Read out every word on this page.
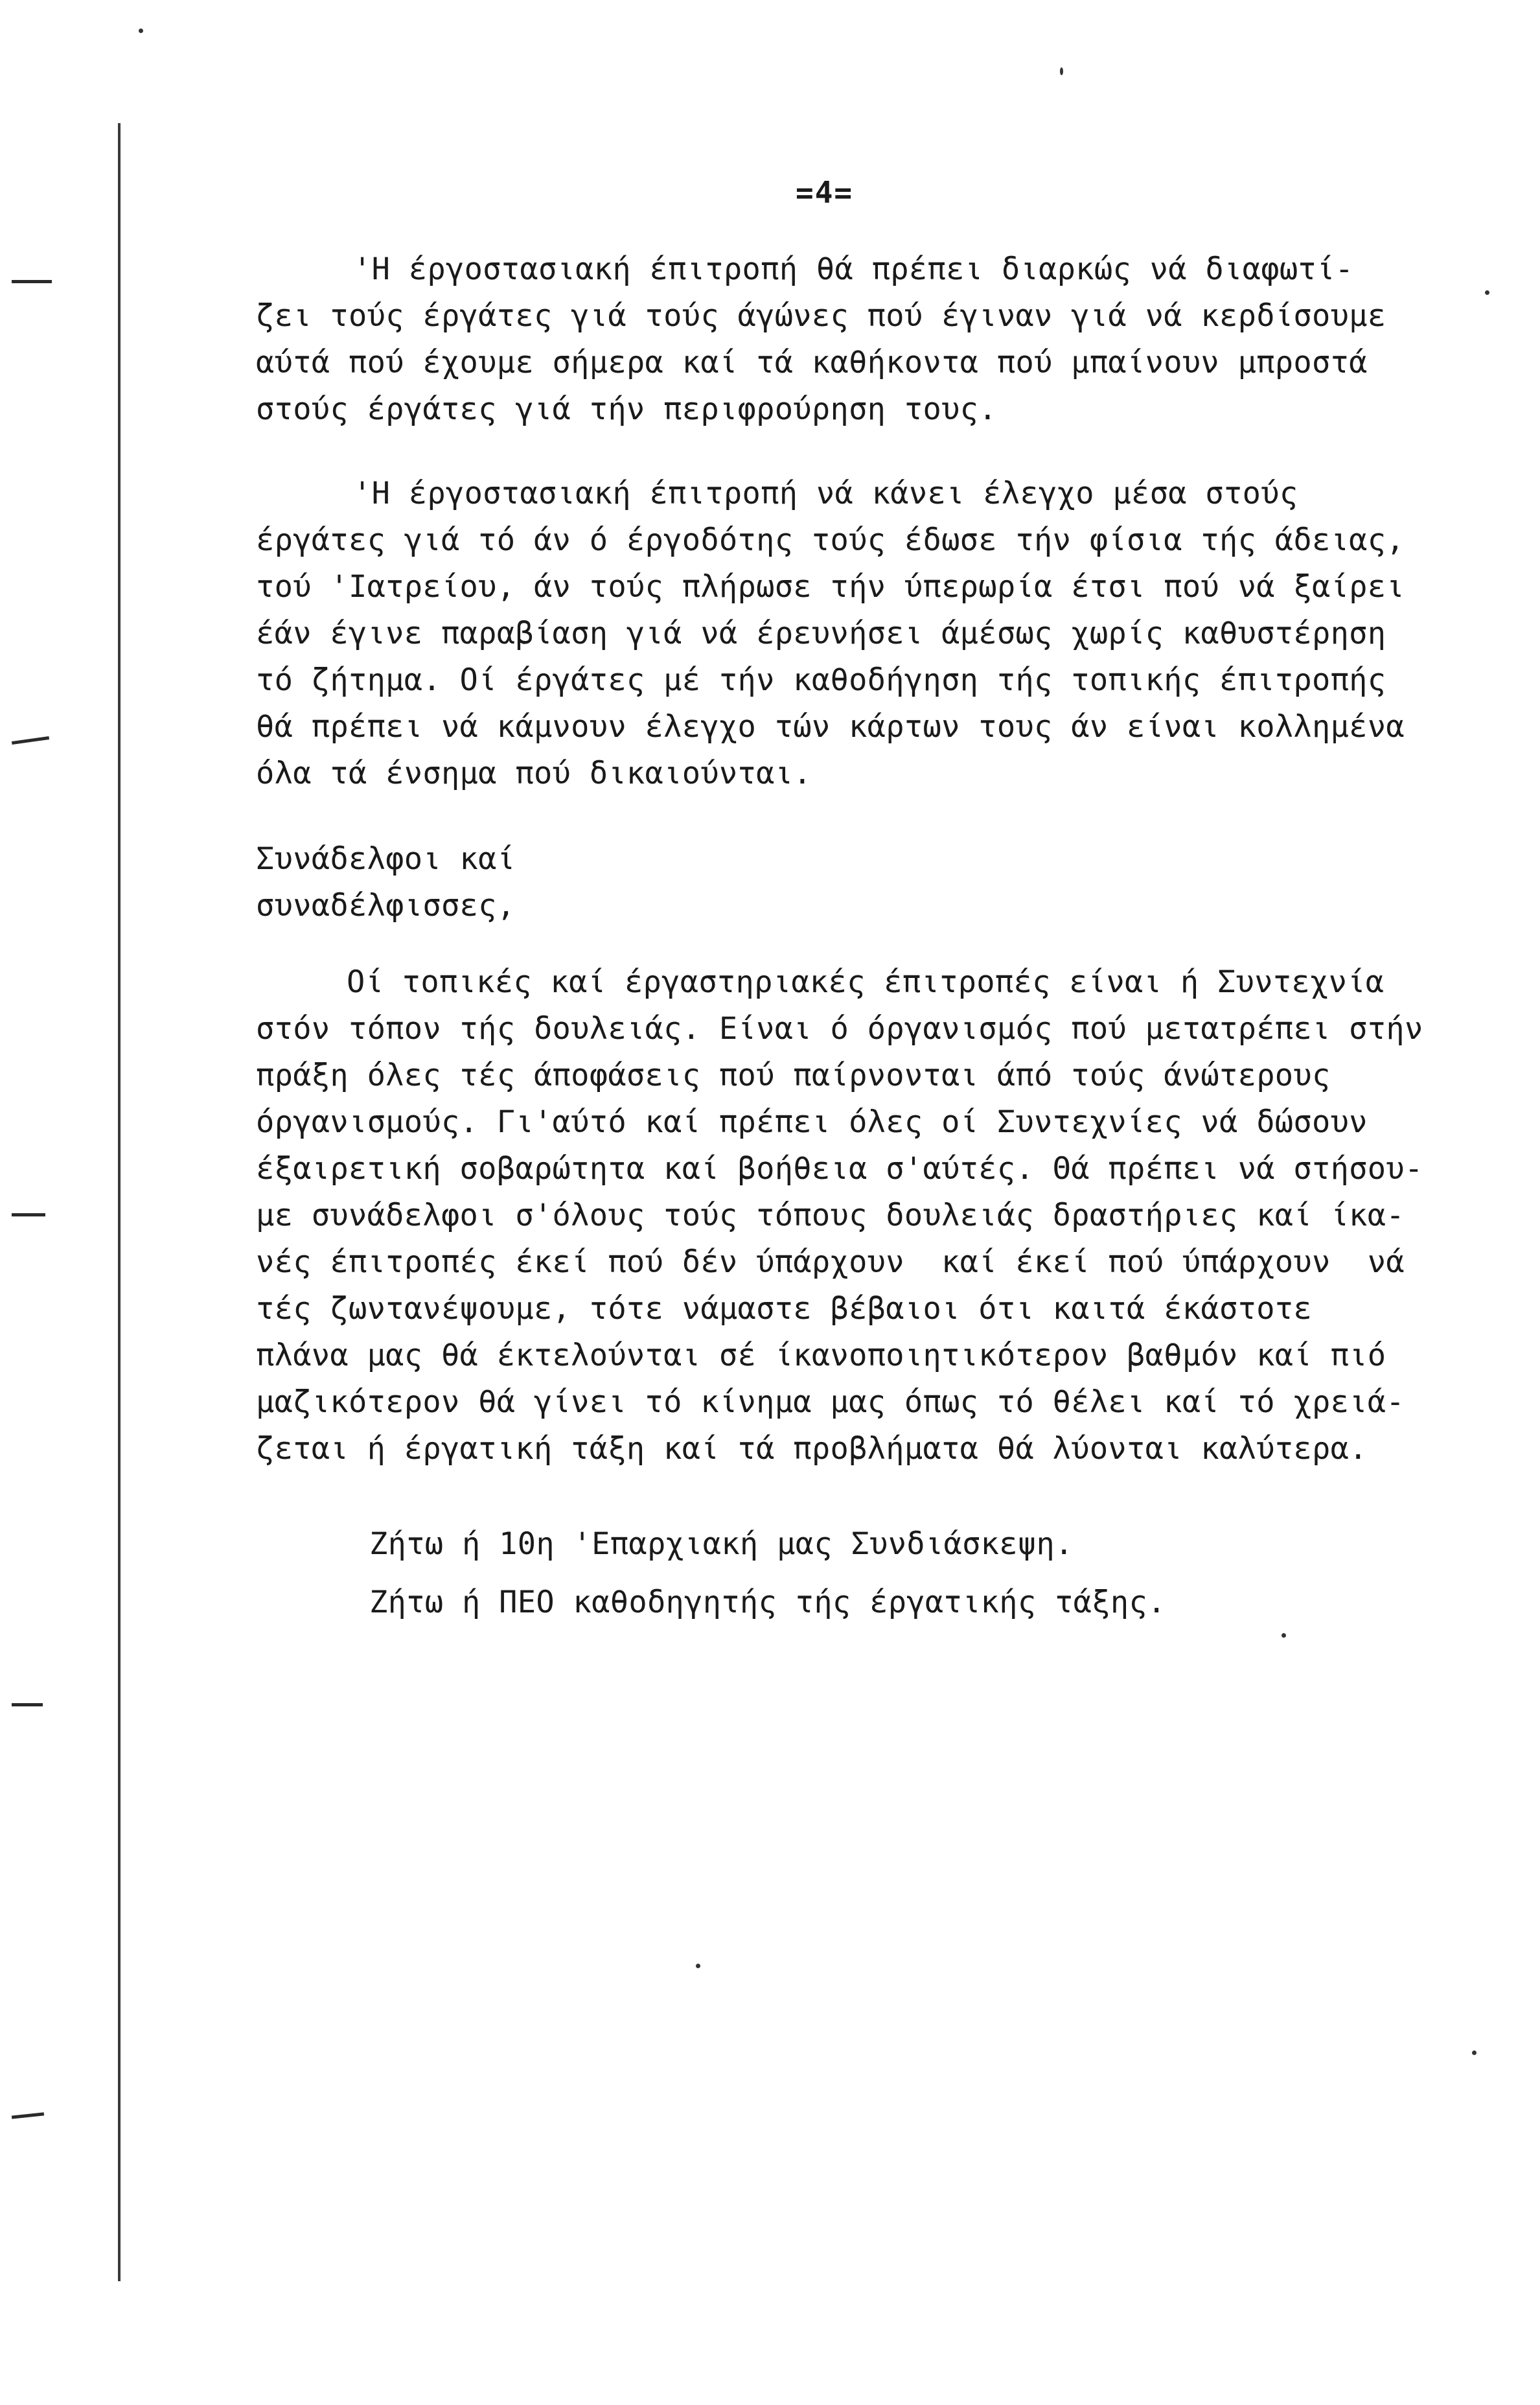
=4=
'Η έργοστασιακή έπιτροπή θά πρέπει διαρκώς νά διαφωτί-
ζει τούς έργάτες γιά τούς άγώνες πού έγιναν γιά νά κερδίσουμε
αύτά πού έχουμε σήμερα καί τά καθήκοντα πού μπαίνουν μπροστά
στούς έργάτες γιά τήν περιφρούρηση τους.
'Η έργοστασιακή έπιτροπή νά κάνει έλεγχο μέσα στούς
έργάτες γιά τό άν ό έργοδότης τούς έδωσε τήν φίσια τής άδειας,
τού 'Ιατρείου, άν τούς πλήρωσε τήν ύπερωρία έτσι πού νά ξαίρει
έάν έγινε παραβίαση γιά νά έρευνήσει άμέσως χωρίς καθυστέρηση
τό ζήτημα. Οί έργάτες μέ τήν καθοδήγηση τής τοπικής έπιτροπής
θά πρέπει νά κάμνουν έλεγχο τών κάρτων τους άν είναι κολλημένα
όλα τά ένσημα πού δικαιούνται.
Συνάδελφοι καί
συναδέλφισσες,
Οί τοπικές καί έργαστηριακές έπιτροπές είναι ή Συντεχνία
στόν τόπον τής δουλειάς. Είναι ό όργανισμός πού μετατρέπει στήν
πράξη όλες τές άποφάσεις πού παίρνονται άπό τούς άνώτερους
όργανισμούς. Γι'αύτό καί πρέπει όλες οί Συντεχνίες νά δώσουν
έξαιρετική σοβαρώτητα καί βοήθεια σ'αύτές. Θά πρέπει νά στήσου-
με συνάδελφοι σ'όλους τούς τόπους δουλειάς δραστήριες καί ίκα-
νές έπιτροπές έκεί πού δέν ύπάρχουν  καί έκεί πού ύπάρχουν  νά
τές ζωντανέψουμε, τότε νάμαστε βέβαιοι ότι καιτά έκάστοτε
πλάνα μας θά έκτελούνται σέ ίκανοποιητικότερον βαθμόν καί πιό
μαζικότερον θά γίνει τό κίνημα μας όπως τό θέλει καί τό χρειά-
ζεται ή έργατική τάξη καί τά προβλήματα θά λύονται καλύτερα.
Ζήτω ή 10η 'Επαρχιακή μας Συνδιάσκεψη.
Ζήτω ή ΠΕΟ καθοδηγητής τής έργατικής τάξης.
